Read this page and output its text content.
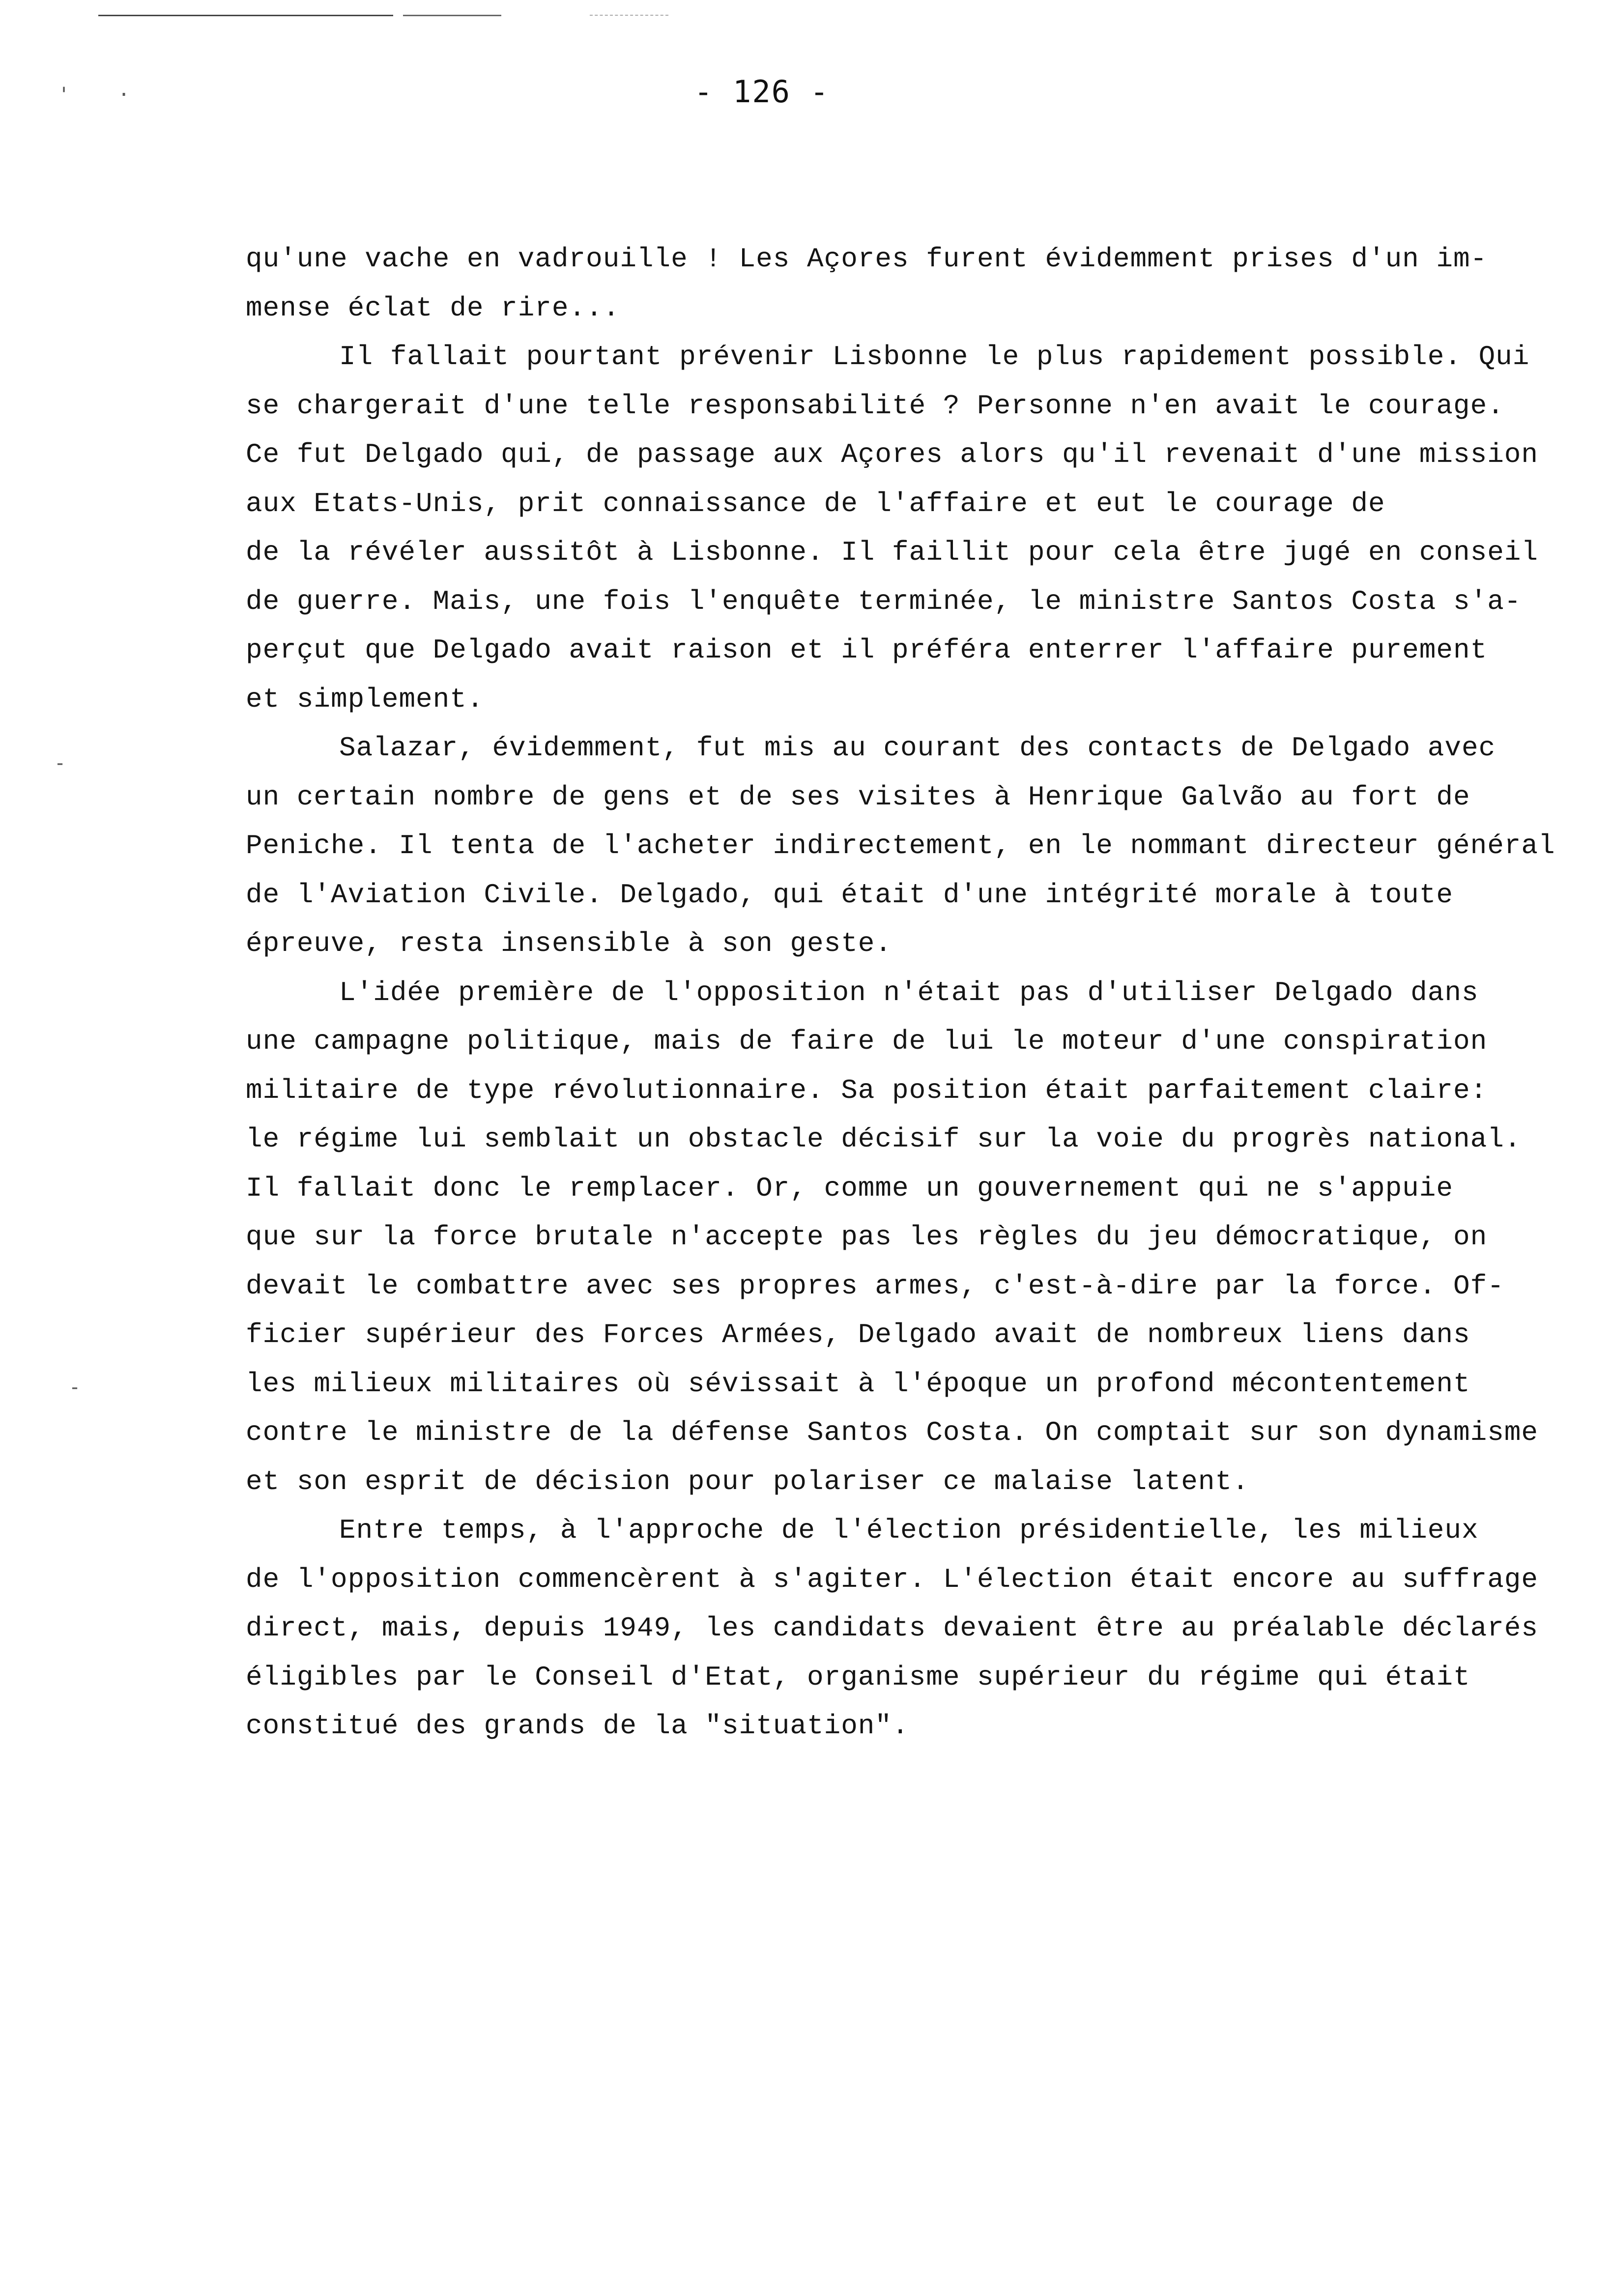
' ·
-
-
- 126 -
qu'une vache en vadrouille ! Les Açores furent évidemment prises d'un im-
mense éclat de rire...
Il fallait pourtant prévenir Lisbonne le plus rapidement possible. Qui
se chargerait d'une telle responsabilité ? Personne n'en avait le courage.
Ce fut Delgado qui, de passage aux Açores alors qu'il revenait d'une mission
aux Etats-Unis, prit connaissance de l'affaire et eut le courage de
de la révéler aussitôt à Lisbonne. Il faillit pour cela être jugé en conseil
de guerre. Mais, une fois l'enquête terminée, le ministre Santos Costa s'a-
perçut que Delgado avait raison et il préféra enterrer l'affaire purement
et simplement.
Salazar, évidemment, fut mis au courant des contacts de Delgado avec
un certain nombre de gens et de ses visites à Henrique Galvão au fort de
Peniche. Il tenta de l'acheter indirectement, en le nommant directeur général
de l'Aviation Civile. Delgado, qui était d'une intégrité morale à toute
épreuve, resta insensible à son geste.
L'idée première de l'opposition n'était pas d'utiliser Delgado dans
une campagne politique, mais de faire de lui le moteur d'une conspiration
militaire de type révolutionnaire. Sa position était parfaitement claire:
le régime lui semblait un obstacle décisif sur la voie du progrès national.
Il fallait donc le remplacer. Or, comme un gouvernement qui ne s'appuie
que sur la force brutale n'accepte pas les règles du jeu démocratique, on
devait le combattre avec ses propres armes, c'est-à-dire par la force. Of-
ficier supérieur des Forces Armées, Delgado avait de nombreux liens dans
les milieux militaires où sévissait à l'époque un profond mécontentement
contre le ministre de la défense Santos Costa. On comptait sur son dynamisme
et son esprit de décision pour polariser ce malaise latent.
Entre temps, à l'approche de l'élection présidentielle, les milieux
de l'opposition commencèrent à s'agiter. L'élection était encore au suffrage
direct, mais, depuis 1949, les candidats devaient être au préalable déclarés
éligibles par le Conseil d'Etat, organisme supérieur du régime qui était
constitué des grands de la "situation".
